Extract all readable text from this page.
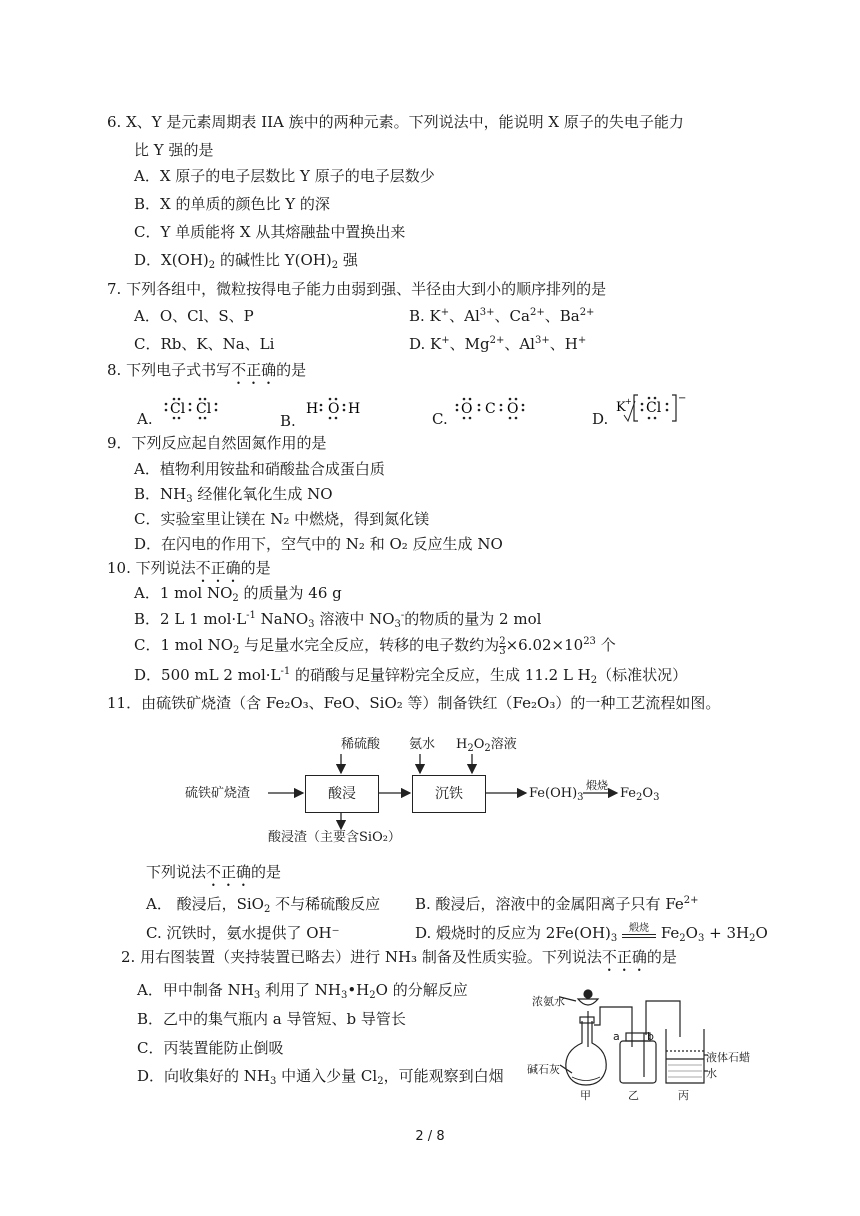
6. X、Y 是元素周期表 IIA 族中的两种元素。下列说法中，能说明 X 原子的失电子能力
比 Y 强的是
A．X 原子的电子层数比 Y 原子的电子层数少
B．X 的单质的颜色比 Y 的深
C．Y 单质能将 X 从其熔融盐中置换出来
D．$X(OH)_2$ 的碱性比 $Y(OH)_2$ 强
7. 下列各组中，微粒按得电子能力由弱到强、半径由大到小的顺序排列的是
A．O、Cl、S、P	B. K+、$Al^{3+}$、$Ca^{2+}$、$Ba^{2+}$
C．Rb、K、Na、Li	D. K+、$Mg^{2+}$、$Al^{3+}$、H+
8. 下列电子式书写不正确的是
A.
Cl Cl
B.
H O H
C.
O C O
D.
K + Cl
−
9．下列反应起自然固氮作用的是
A．植物利用铵盐和硝酸盐合成蛋白质
B．$NH_3$ 经催化氧化生成 NO
C．实验室里让镁在 N₂ 中燃烧，得到氮化镁
D．在闪电的作用下，空气中的 N₂ 和 O₂ 反应生成 NO
10. 下列说法不正确的是
A．1 mol $NO_2$ 的质量为 46 g
B．2 L 1 $mol\cdot L^{-1}$ NaNO$_3$ 溶液中 $NO_3^-$的物质的量为 2 mol
C．1 mol $NO_2$ 与足量水完全反应，转移的电子数约为 $\frac{2}{3} \times 6.02\times 10^{23}$ 个
D．500 mL 2 $mol\cdot L^{-1}$ 的硝酸与足量锌粉完全反应，生成 11.2 L $H_2$（标准状况）
11．由硫铁矿烧渣（含 Fe₂O₃、FeO、SiO₂ 等）制备铁红（Fe₂O₃）的一种工艺流程如图。
稀硫酸 氨水 $H_2O_2$溶液
硫铁矿烧渣	酸浸	沉铁	$Fe(OH)_3$
煅烧
$Fe_2O_3$
酸浸渣（主要含SiO₂）
下列说法不正确的是
A． 酸浸后，SiO$_2$ 不与稀硫酸反应 B. 酸浸后，溶液中的金属阳离子只有 $Fe^{2+}$
C. 沉铁时，氨水提供了 OH⁻	D. 煅烧时的反应为 $2Fe(OH)_3$
煅烧 $Fe_2O_3 + 3H_2O$
2. 用右图装置（夹持装置已略去）进行 NH₃ 制备及性质实验。下列说法不正确的是
A．甲中制备 $NH_3$ 利用了 $NH_3•H_2O$ 的分解反应
B．乙中的集气瓶内 a 导管短、b 导管长
C．丙装置能防止倒吸
D．向收集好的 $NH_3$ 中通入少量 $Cl_2$，可能观察到白烟
浓氨水
碱石灰
液体石蜡
水
a b
甲	乙	丙
2 / 8
